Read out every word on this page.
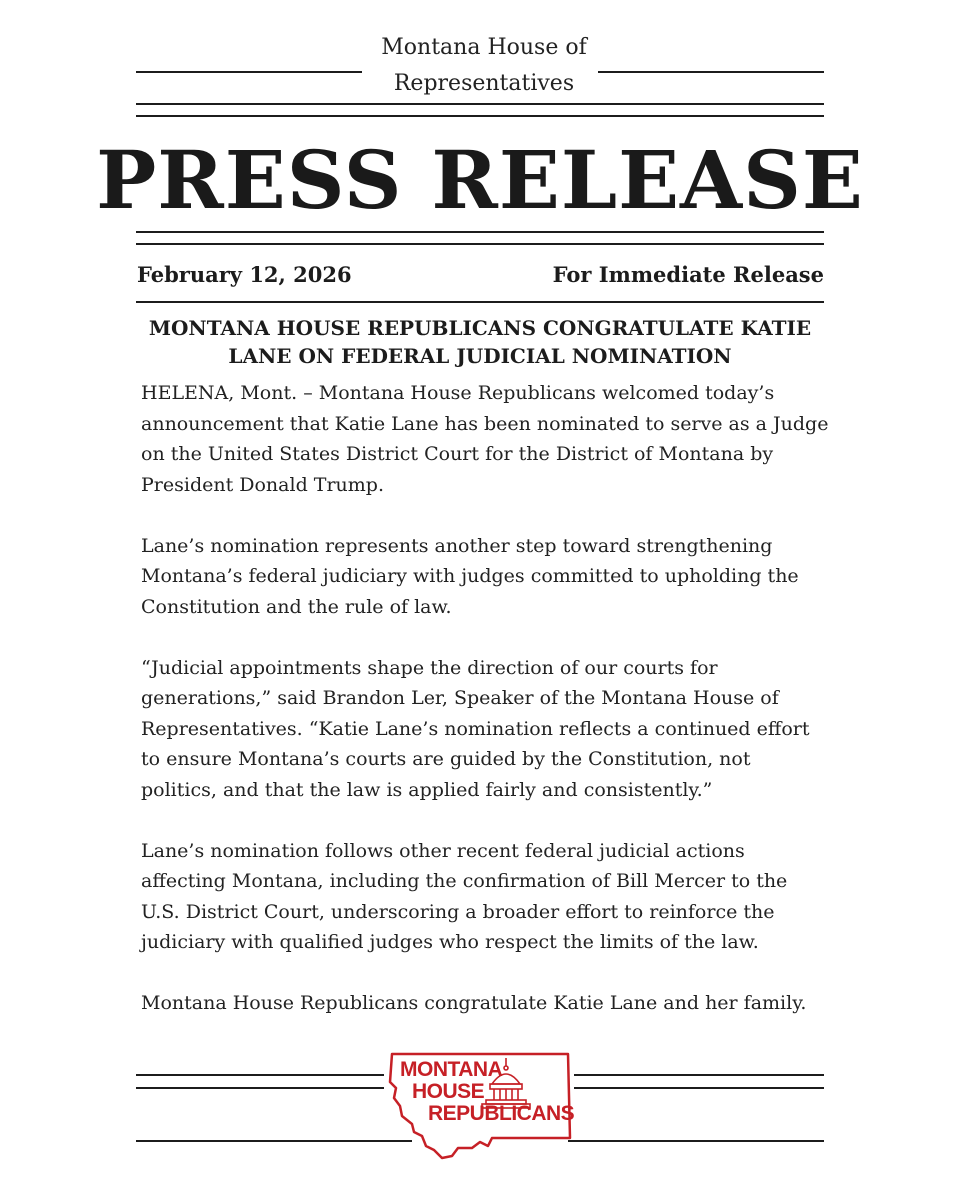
Montana House of Representatives
PRESS RELEASE
February 12, 2026	For Immediate Release
MONTANA HOUSE REPUBLICANS CONGRATULATE KATIE LANE ON FEDERAL JUDICIAL NOMINATION

HELENA, Mont. – Montana House Republicans welcomed today’s announcement that Katie Lane has been nominated to serve as a Judge on the United States District Court for the District of Montana by President Donald Trump.

Lane’s nomination represents another step toward strengthening Montana’s federal judiciary with judges committed to upholding the Constitution and the rule of law.

“Judicial appointments shape the direction of our courts for generations,” said Brandon Ler, Speaker of the Montana House of Representatives. “Katie Lane’s nomination reflects a continued effort to ensure Montana’s courts are guided by the Constitution, not politics, and that the law is applied fairly and consistently.”

Lane’s nomination follows other recent federal judicial actions affecting Montana, including the confirmation of Bill Mercer to the U.S. District Court, underscoring a broader effort to reinforce the judiciary with qualified judges who respect the limits of the law.

Montana House Republicans congratulate Katie Lane and her family.

MONTANA
HOUSE
REPUBLICANS
